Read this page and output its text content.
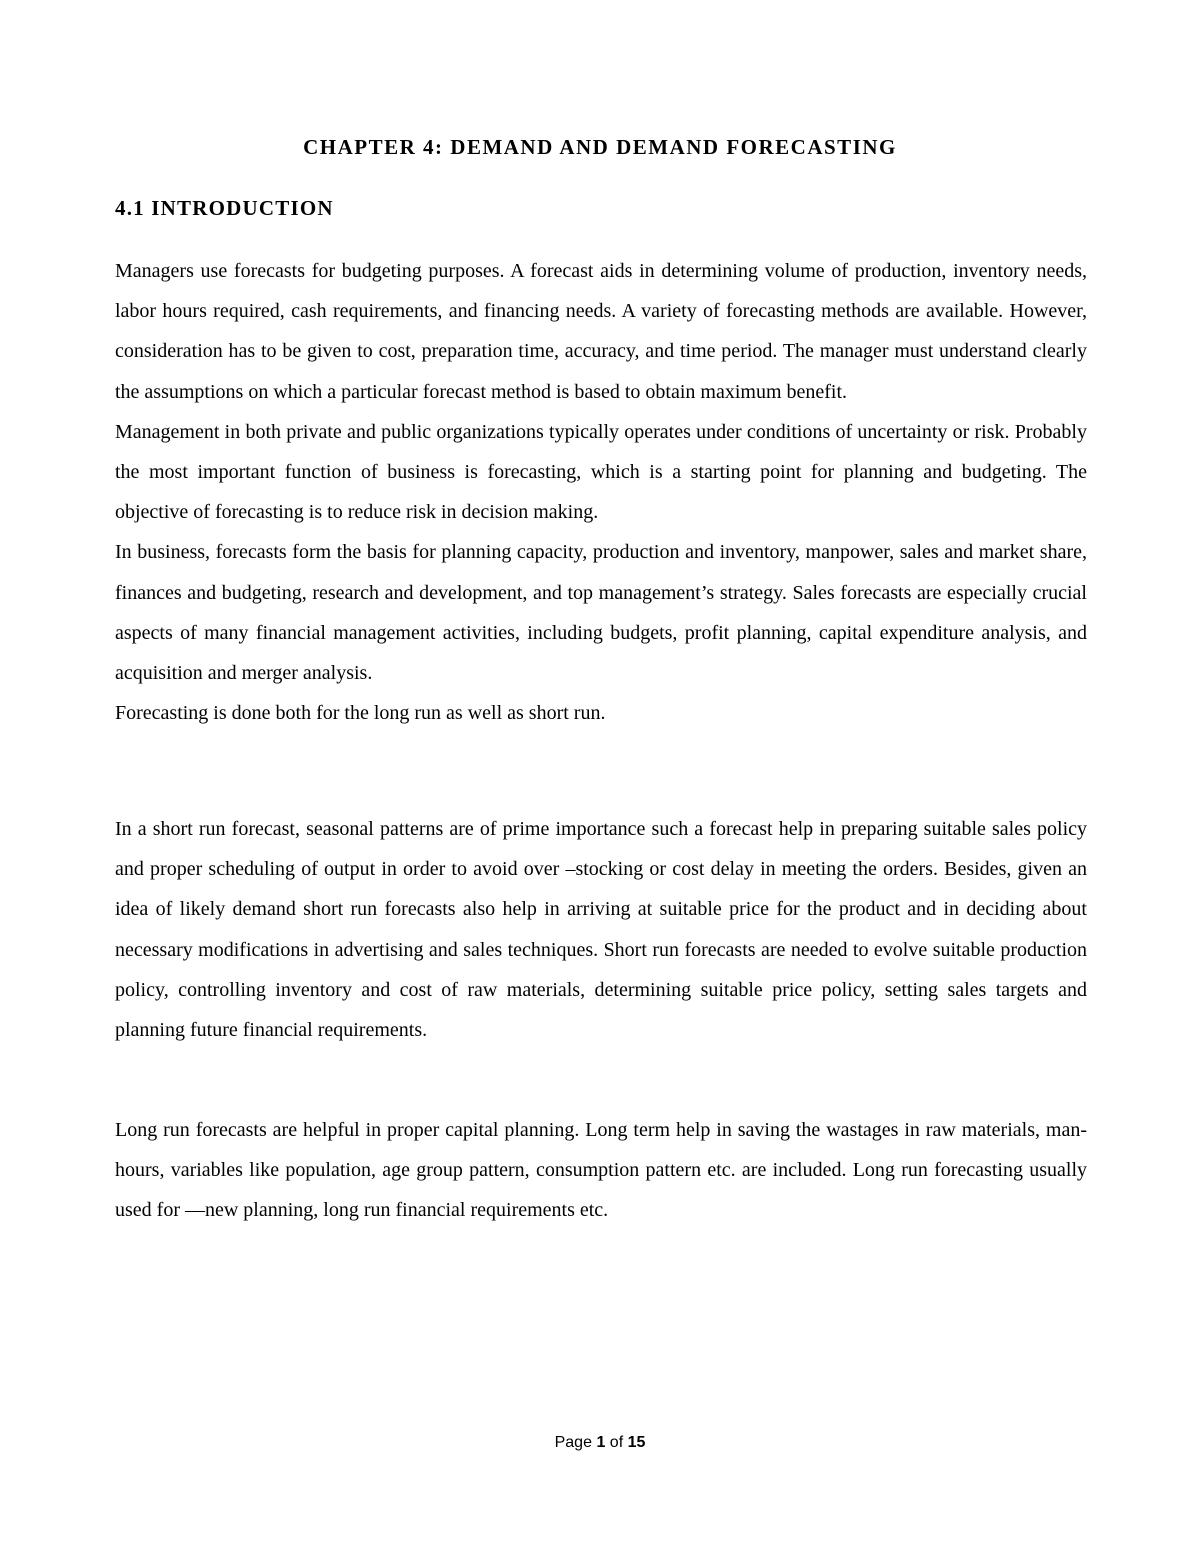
CHAPTER 4: DEMAND AND DEMAND FORECASTING
4.1 INTRODUCTION

Managers use forecasts for budgeting purposes. A forecast aids in determining volume of production, inventory needs, labor hours required, cash requirements, and financing needs. A variety of forecasting methods are available. However, consideration has to be given to cost, preparation time, accuracy, and time period. The manager must understand clearly the assumptions on which a particular forecast method is based to obtain maximum benefit.

Management in both private and public organizations typically operates under conditions of uncertainty or risk. Probably the most important function of business is forecasting, which is a starting point for planning and budgeting. The objective of forecasting is to reduce risk in decision making.

In business, forecasts form the basis for planning capacity, production and inventory, manpower, sales and market share, finances and budgeting, research and development, and top management’s strategy. Sales forecasts are especially crucial aspects of many financial management activities, including budgets, profit planning, capital expenditure analysis, and acquisition and merger analysis.

Forecasting is done both for the long run as well as short run.

In a short run forecast, seasonal patterns are of prime importance such a forecast help in preparing suitable sales policy and proper scheduling of output in order to avoid over –stocking or cost delay in meeting the orders. Besides, given an idea of likely demand short run forecasts also help in arriving at suitable price for the product and in deciding about necessary modifications in advertising and sales techniques. Short run forecasts are needed to evolve suitable production policy, controlling inventory and cost of raw materials, determining suitable price policy, setting sales targets and planning future financial requirements.

Long run forecasts are helpful in proper capital planning. Long term help in saving the wastages in raw materials, man-hours, variables like population, age group pattern, consumption pattern etc. are included. Long run forecasting usually used for —new planning, long run financial requirements etc.

Page 1 of 15
